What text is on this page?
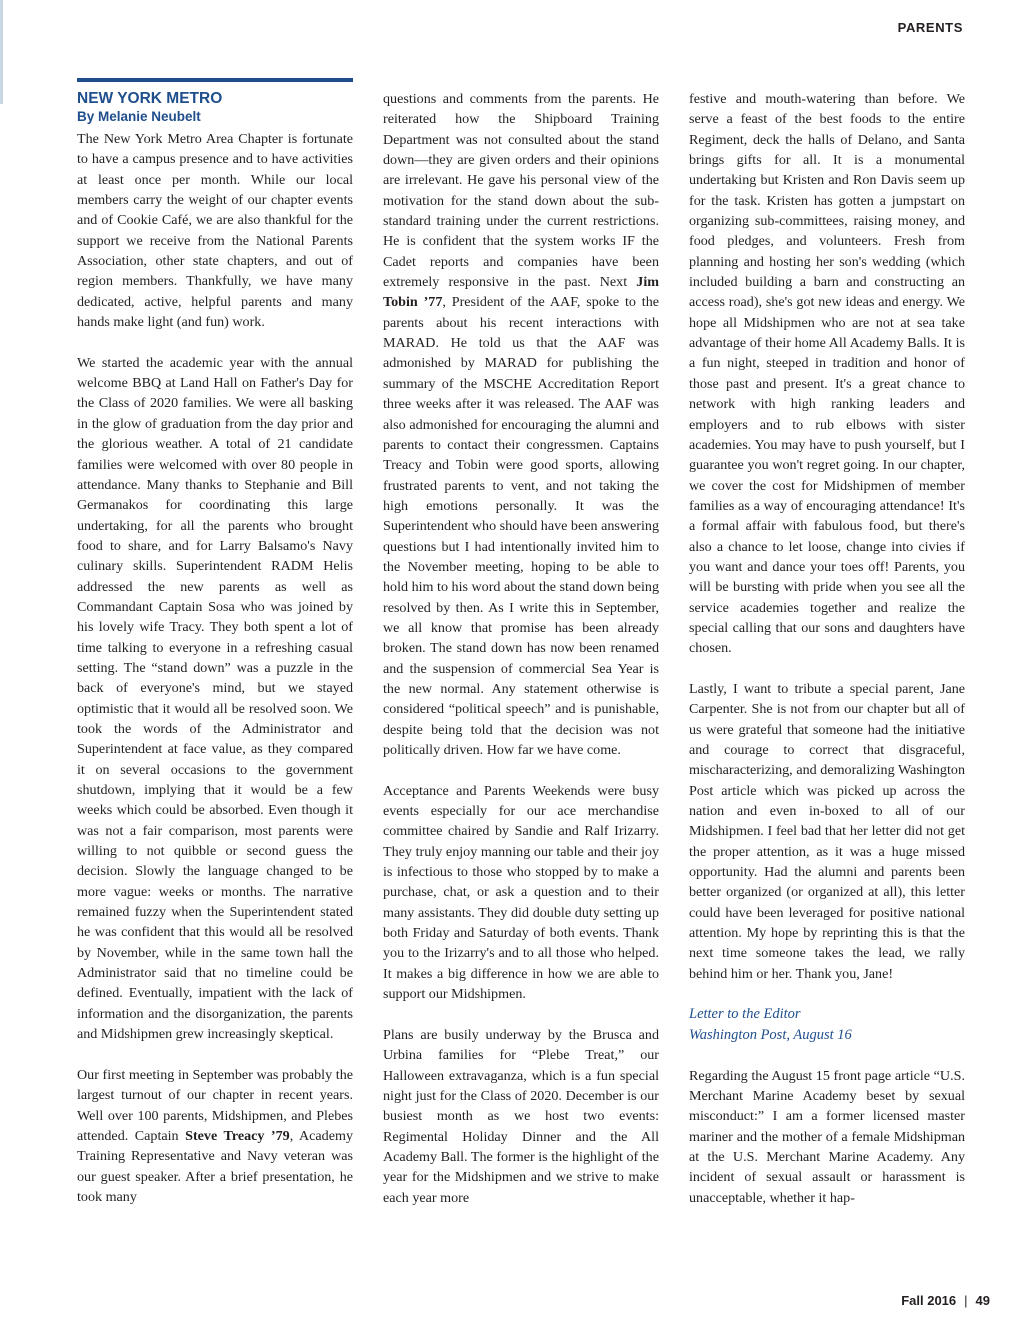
PARENTS
NEW YORK METRO
By Melanie Neubelt

The New York Metro Area Chapter is fortunate to have a campus presence and to have activities at least once per month. While our local members carry the weight of our chapter events and of Cookie Café, we are also thankful for the support we receive from the National Parents Association, other state chapters, and out of region members. Thankfully, we have many dedicated, active, helpful parents and many hands make light (and fun) work.

We started the academic year with the annual welcome BBQ at Land Hall on Father's Day for the Class of 2020 families. We were all basking in the glow of graduation from the day prior and the glorious weather. A total of 21 candidate families were welcomed with over 80 people in attendance. Many thanks to Stephanie and Bill Germanakos for coordinating this large undertaking, for all the parents who brought food to share, and for Larry Balsamo's Navy culinary skills. Superintendent RADM Helis addressed the new parents as well as Commandant Captain Sosa who was joined by his lovely wife Tracy. They both spent a lot of time talking to everyone in a refreshing casual setting. The “stand down” was a puzzle in the back of everyone's mind, but we stayed optimistic that it would all be resolved soon. We took the words of the Administrator and Superintendent at face value, as they compared it on several occasions to the government shutdown, implying that it would be a few weeks which could be absorbed. Even though it was not a fair comparison, most parents were willing to not quibble or second guess the decision. Slowly the language changed to be more vague: weeks or months. The narrative remained fuzzy when the Superintendent stated he was confident that this would all be resolved by November, while in the same town hall the Administrator said that no timeline could be defined. Eventually, impatient with the lack of information and the disorganization, the parents and Midshipmen grew increasingly skeptical.

Our first meeting in September was probably the largest turnout of our chapter in recent years. Well over 100 parents, Midshipmen, and Plebes attended. Captain Steve Treacy ’79, Academy Training Representative and Navy veteran was our guest speaker. After a brief presentation, he took many

questions and comments from the parents. He reiterated how the Shipboard Training Department was not consulted about the stand down—they are given orders and their opinions are irrelevant. He gave his personal view of the motivation for the stand down about the sub-standard training under the current restrictions. He is confident that the system works IF the Cadet reports and companies have been extremely responsive in the past. Next Jim Tobin ’77, President of the AAF, spoke to the parents about his recent interactions with MARAD. He told us that the AAF was admonished by MARAD for publishing the summary of the MSCHE Accreditation Report three weeks after it was released. The AAF was also admonished for encouraging the alumni and parents to contact their congressmen. Captains Treacy and Tobin were good sports, allowing frustrated parents to vent, and not taking the high emotions personally. It was the Superintendent who should have been answering questions but I had intentionally invited him to the November meeting, hoping to be able to hold him to his word about the stand down being resolved by then. As I write this in September, we all know that promise has been already broken. The stand down has now been renamed and the suspension of commercial Sea Year is the new normal. Any statement otherwise is considered “political speech” and is punishable, despite being told that the decision was not politically driven. How far we have come.

Acceptance and Parents Weekends were busy events especially for our ace merchandise committee chaired by Sandie and Ralf Irizarry. They truly enjoy manning our table and their joy is infectious to those who stopped by to make a purchase, chat, or ask a question and to their many assistants. They did double duty setting up both Friday and Saturday of both events. Thank you to the Irizarry's and to all those who helped. It makes a big difference in how we are able to support our Midshipmen.

Plans are busily underway by the Brusca and Urbina families for “Plebe Treat,” our Halloween extravaganza, which is a fun special night just for the Class of 2020. December is our busiest month as we host two events: Regimental Holiday Dinner and the All Academy Ball. The former is the highlight of the year for the Midshipmen and we strive to make each year more

festive and mouth-watering than before. We serve a feast of the best foods to the entire Regiment, deck the halls of Delano, and Santa brings gifts for all. It is a monumental undertaking but Kristen and Ron Davis seem up for the task. Kristen has gotten a jumpstart on organizing sub-committees, raising money, and food pledges, and volunteers. Fresh from planning and hosting her son's wedding (which included building a barn and constructing an access road), she's got new ideas and energy. We hope all Midshipmen who are not at sea take advantage of their home All Academy Balls. It is a fun night, steeped in tradition and honor of those past and present. It's a great chance to network with high ranking leaders and employers and to rub elbows with sister academies. You may have to push yourself, but I guarantee you won't regret going. In our chapter, we cover the cost for Midshipmen of member families as a way of encouraging attendance! It's a formal affair with fabulous food, but there's also a chance to let loose, change into civies if you want and dance your toes off! Parents, you will be bursting with pride when you see all the service academies together and realize the special calling that our sons and daughters have chosen.

Lastly, I want to tribute a special parent, Jane Carpenter. She is not from our chapter but all of us were grateful that someone had the initiative and courage to correct that disgraceful, mischaracterizing, and demoralizing Washington Post article which was picked up across the nation and even in-boxed to all of our Midshipmen. I feel bad that her letter did not get the proper attention, as it was a huge missed opportunity. Had the alumni and parents been better organized (or organized at all), this letter could have been leveraged for positive national attention. My hope by reprinting this is that the next time someone takes the lead, we rally behind him or her. Thank you, Jane!

Letter to the Editor
Washington Post, August 16

Regarding the August 15 front page article “U.S. Merchant Marine Academy beset by sexual misconduct:” I am a former licensed master mariner and the mother of a female Midshipman at the U.S. Merchant Marine Academy. Any incident of sexual assault or harassment is unacceptable, whether it hap-

Fall 2016 | 49
